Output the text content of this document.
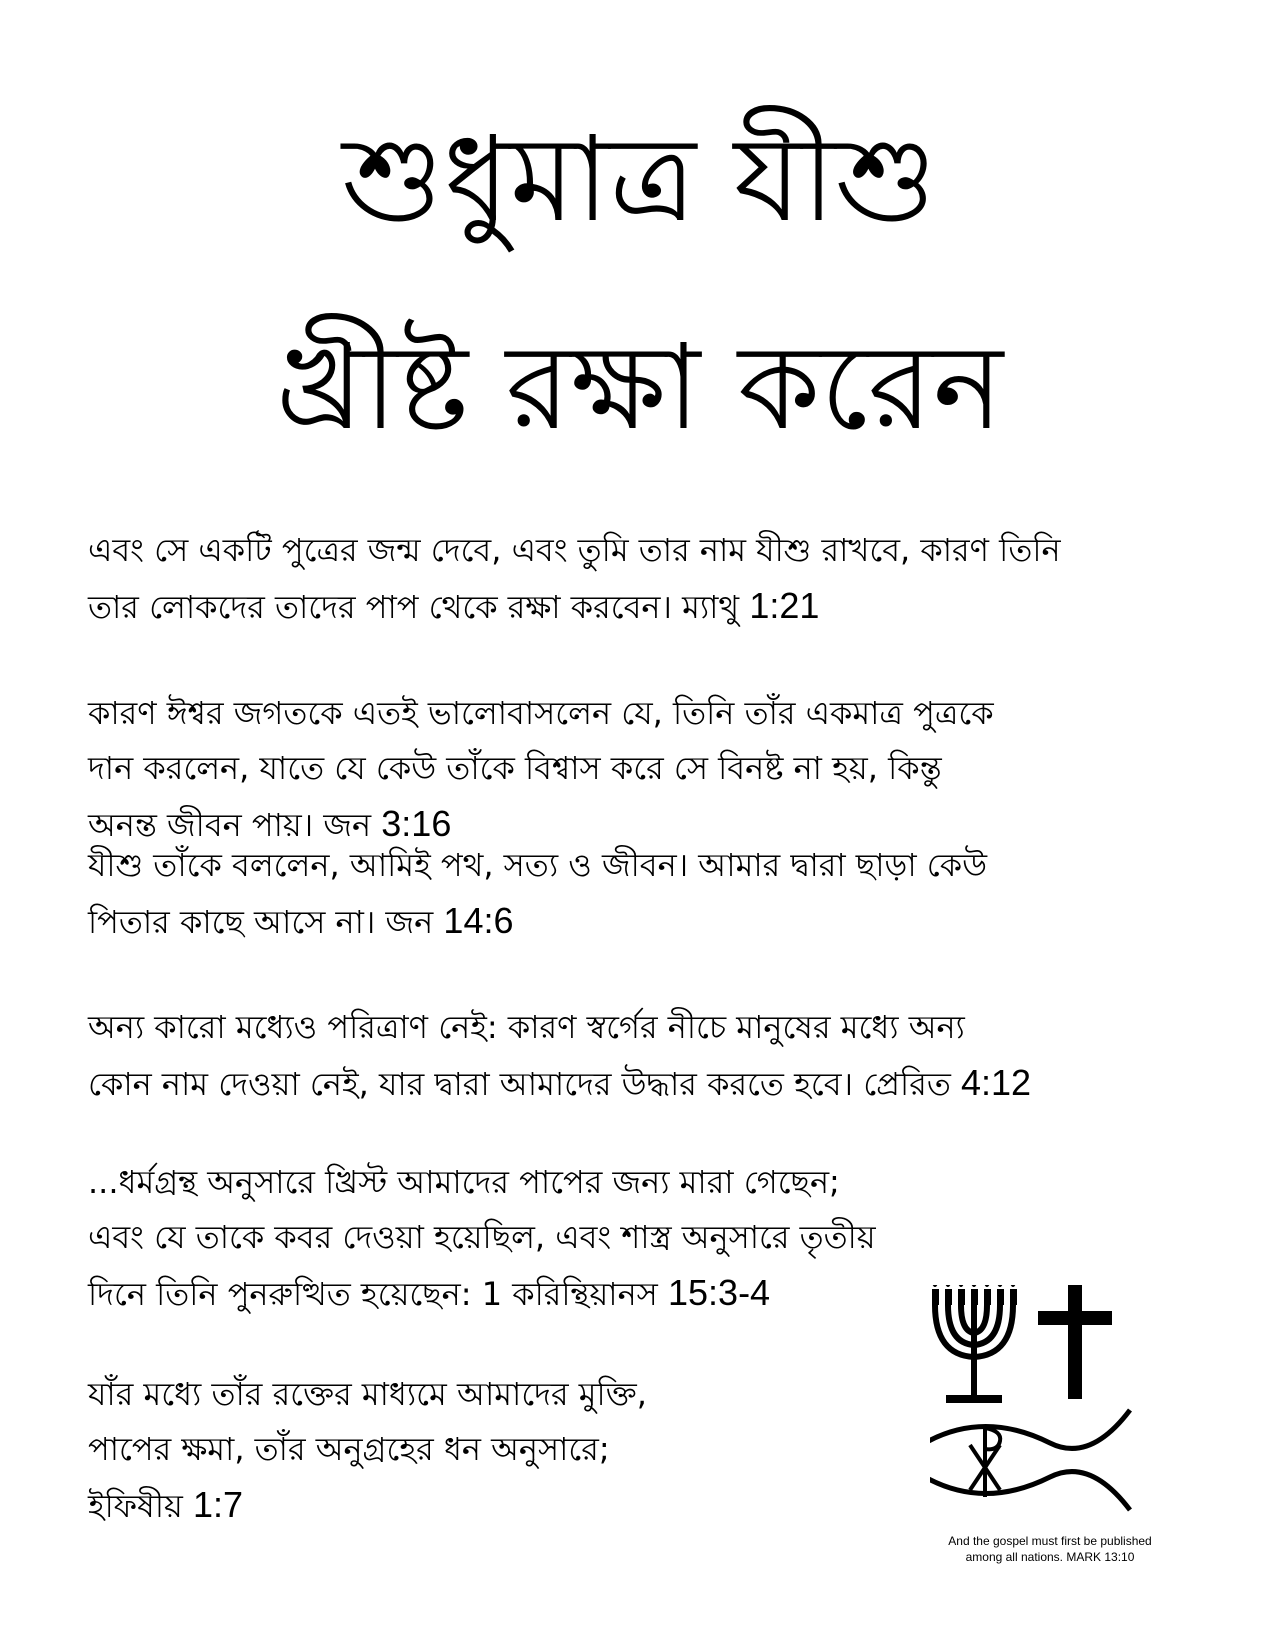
শুধুমাত্র যীশু
খ্রীষ্ট রক্ষা করেন
এবং সে একটি পুত্রের জন্ম দেবে, এবং তুমি তার নাম যীশু রাখবে, কারণ তিনি
তার লোকদের তাদের পাপ থেকে রক্ষা করবেন। ম্যাথু 1:21
কারণ ঈশ্বর জগতকে এতই ভালোবাসলেন যে, তিনি তাঁর একমাত্র পুত্রকে
দান করলেন, যাতে যে কেউ তাঁকে বিশ্বাস করে সে বিনষ্ট না হয়, কিন্তু
অনন্ত জীবন পায়। জন 3:16
যীশু তাঁকে বললেন, আমিই পথ, সত্য ও জীবন। আমার দ্বারা ছাড়া কেউ
পিতার কাছে আসে না। জন 14:6
অন্য কারো মধ্যেও পরিত্রাণ নেই: কারণ স্বর্গের নীচে মানুষের মধ্যে অন্য
কোন নাম দেওয়া নেই, যার দ্বারা আমাদের উদ্ধার করতে হবে। প্রেরিত 4:12
...ধর্মগ্রন্থ অনুসারে খ্রিস্ট আমাদের পাপের জন্য মারা গেছেন;
এবং যে তাকে কবর দেওয়া হয়েছিল, এবং শাস্ত্র অনুসারে তৃতীয়
দিনে তিনি পুনরুত্থিত হয়েছেন: 1 করিন্থিয়ানস 15:3-4
যাঁর মধ্যে তাঁর রক্তের মাধ্যমে আমাদের মুক্তি,
পাপের ক্ষমা, তাঁর অনুগ্রহের ধন অনুসারে;
ইফিষীয় 1:7
And the gospel must first be published
among all nations. MARK 13:10
